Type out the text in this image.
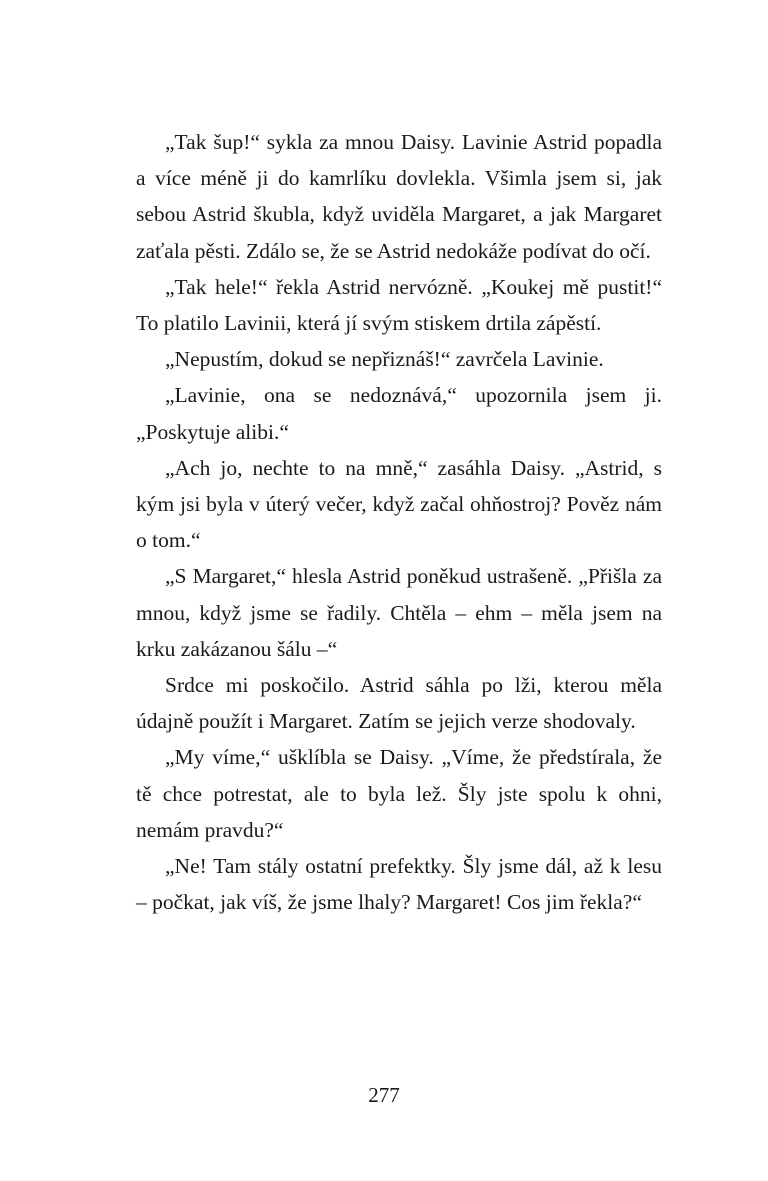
„Tak šup!“ sykla za mnou Daisy. Lavinie Astrid popadla a více méně ji do kamrlíku dovlekla. Všimla jsem si, jak sebou Astrid škubla, když uviděla Margaret, a jak Margaret zaťala pěsti. Zdálo se, že se Astrid nedokáže podívat do očí.

„Tak hele!“ řekla Astrid nervózně. „Koukej mě pustit!“ To platilo Lavinii, která jí svým stiskem drtila zápěstí.

„Nepustím, dokud se nepřiznáš!“ zavrčela Lavinie.

„Lavinie, ona se nedoznává,“ upozornila jsem ji. „Poskytuje alibi.“

„Ach jo, nechte to na mně,“ zasáhla Daisy. „Astrid, s kým jsi byla v úterý večer, když začal ohňostroj? Pověz nám o tom.“

„S Margaret,“ hlesla Astrid poněkud ustrašeně. „Přišla za mnou, když jsme se řadily. Chtěla – ehm – měla jsem na krku zakázanou šálu –“

Srdce mi poskočilo. Astrid sáhla po lži, kterou měla údajně použít i Margaret. Zatím se jejich verze shodovaly.

„My víme,“ ušklíbla se Daisy. „Víme, že předstírala, že tě chce potrestat, ale to byla lež. Šly jste spolu k ohni, nemám pravdu?“

„Ne! Tam stály ostatní prefektky. Šly jsme dál, až k lesu – počkat, jak víš, že jsme lhaly? Margaret! Cos jim řekla?“

277
